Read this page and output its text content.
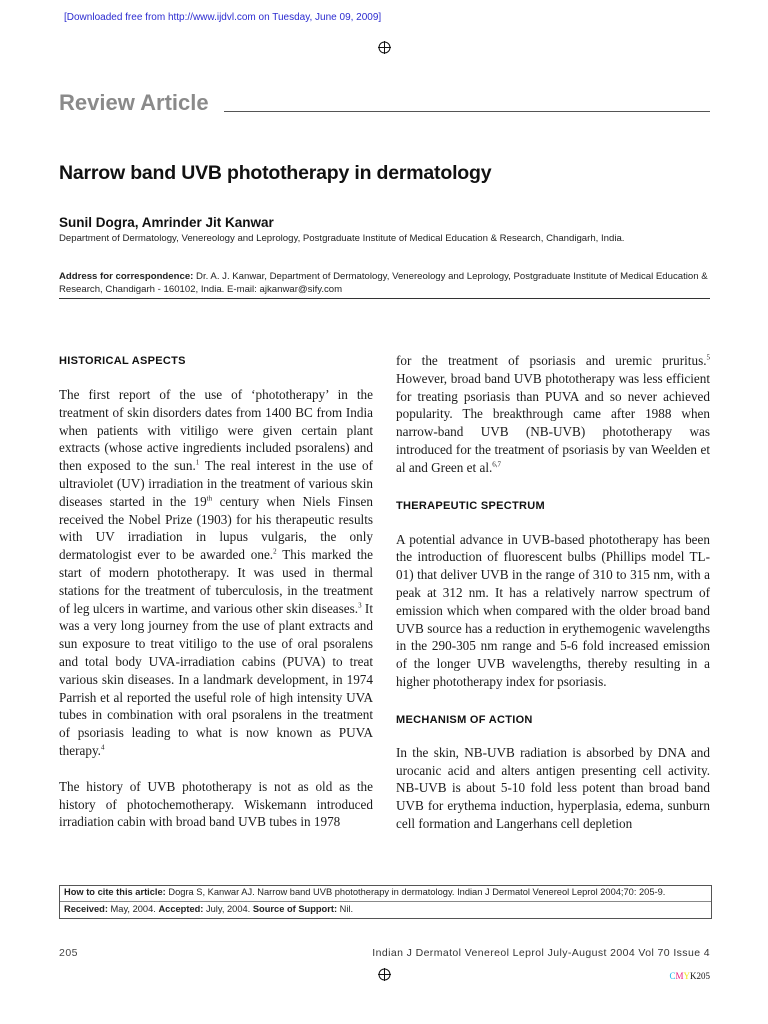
[Downloaded free from http://www.ijdvl.com on Tuesday, June 09, 2009]
Review Article
Narrow band UVB phototherapy in dermatology
Sunil Dogra, Amrinder Jit Kanwar
Department of Dermatology, Venereology and Leprology, Postgraduate Institute of Medical Education & Research, Chandigarh, India.
Address for correspondence: Dr. A. J. Kanwar, Department of Dermatology, Venereology and Leprology, Postgraduate Institute of Medical Education & Research, Chandigarh - 160102, India. E-mail: ajkanwar@sify.com

HISTORICAL ASPECTS

The first report of the use of ‘phototherapy’ in the treatment of skin disorders dates from 1400 BC from India when patients with vitiligo were given certain plant extracts (whose active ingredients included psoralens) and then exposed to the sun.$^1$ The real interest in the use of ultraviolet (UV) irradiation in the treatment of various skin diseases started in the 19th century when Niels Finsen received the Nobel Prize (1903) for his therapeutic results with UV irradiation in lupus vulgaris, the only dermatologist ever to be awarded one.$^2$ This marked the start of modern phototherapy. It was used in thermal stations for the treatment of tuberculosis, in the treatment of leg ulcers in wartime, and various other skin diseases.$^3$ It was a very long journey from the use of plant extracts and sun exposure to treat vitiligo to the use of oral psoralens and total body UVA-irradiation cabins (PUVA) to treat various skin diseases. In a landmark development, in 1974 Parrish et al reported the useful role of high intensity UVA tubes in combination with oral psoralens in the treatment of psoriasis leading to what is now known as PUVA therapy.$^4$

The history of UVB phototherapy is not as old as the history of photochemotherapy. Wiskemann introduced irradiation cabin with broad band UVB tubes in 1978

for the treatment of psoriasis and uremic pruritus.$^5$ However, broad band UVB phototherapy was less efficient for treating psoriasis than PUVA and so never achieved popularity. The breakthrough came after 1988 when narrow-band UVB (NB-UVB) phototherapy was introduced for the treatment of psoriasis by van Weelden et al and Green et al.$^{6,7}$

THERAPEUTIC SPECTRUM

A potential advance in UVB-based phototherapy has been the introduction of fluorescent bulbs (Phillips model TL-01) that deliver UVB in the range of 310 to 315 nm, with a peak at 312 nm. It has a relatively narrow spectrum of emission which when compared with the older broad band UVB source has a reduction in erythemogenic wavelengths in the 290-305 nm range and 5-6 fold increased emission of the longer UVB wavelengths, thereby resulting in a higher phototherapy index for psoriasis.

MECHANISM OF ACTION

In the skin, NB-UVB radiation is absorbed by DNA and urocanic acid and alters antigen presenting cell activity. NB-UVB is about 5-10 fold less potent than broad band UVB for erythema induction, hyperplasia, edema, sunburn cell formation and Langerhans cell depletion

How to cite this article: Dogra S, Kanwar AJ. Narrow band UVB phototherapy in dermatology. Indian J Dermatol Venereol Leprol 2004;70: 205-9.
Received: May, 2004. Accepted: July, 2004. Source of Support: Nil.
205	Indian J Dermatol Venereol Leprol July-August 2004 Vol 70 Issue 4
CMYK205
